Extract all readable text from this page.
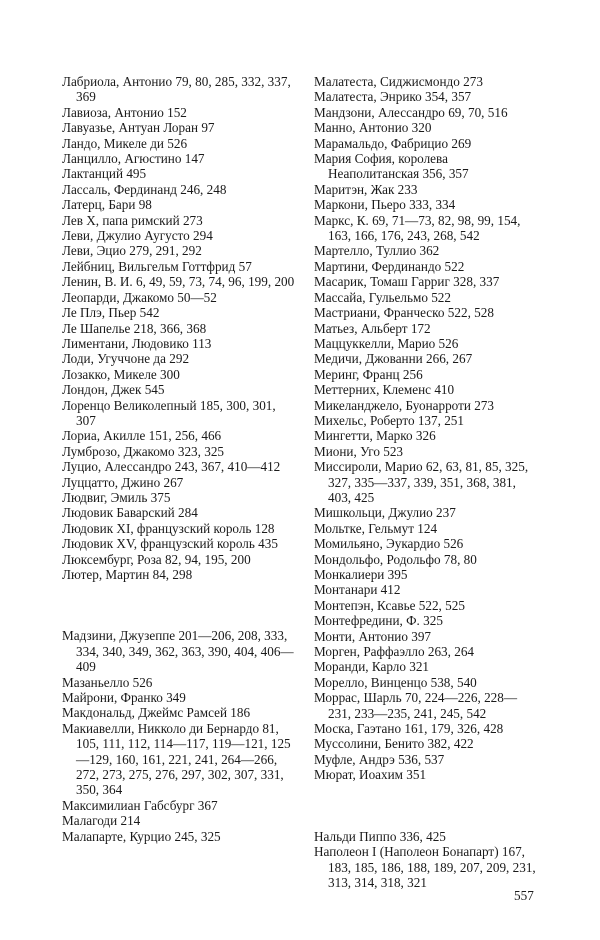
Лабриола, Антонио 79, 80, 285, 332, 337, 369
Лавиоза, Антонио 152
Лавуазье, Антуан Лоран 97
Ландо, Микеле ди 526
Ланцилло, Агюстино 147
Лактанций 495
Лассаль, Фердинанд 246, 248
Латерц, Бари 98
Лев X, папа римский 273
Леви, Джулио Аугусто 294
Леви, Эцио 279, 291, 292
Лейбниц, Вильгельм Готтфрид 57
Ленин, В. И. 6, 49, 59, 73, 74, 96, 199, 200
Леопарди, Джакомо 50—52
Ле Плэ, Пьер 542
Ле Шапелье 218, 366, 368
Лиментани, Людовико 113
Лоди, Угуччоне да 292
Лозакко, Микеле 300
Лондон, Джек 545
Лоренцо Великолепный 185, 300, 301, 307
Лориа, Акилле 151, 256, 466
Лумброзо, Джакомо 323, 325
Луцио, Алессандро 243, 367, 410—412
Луццатто, Джино 267
Людвиг, Эмиль 375
Людовик Баварский 284
Людовик XI, французский король 128
Людовик XV, французский король 435
Люксембург, Роза 82, 94, 195, 200
Лютер, Мартин 84, 298
Мадзини, Джузеппе 201—206, 208, 333, 334, 340, 349, 362, 363, 390, 404, 406—409
Мазаньелло 526
Майрони, Франко 349
Макдональд, Джеймс Рамсей 186
Макиавелли, Никколо ди Бернардо 81, 105, 111, 112, 114—117, 119—121, 125—129, 160, 161, 221, 241, 264—266, 272, 273, 275, 276, 297, 302, 307, 331, 350, 364
Максимилиан Габсбург 367
Малагоди 214
Малапарте, Курцио 245, 325
Малатеста, Сиджисмондо 273
Малатеста, Энрико 354, 357
Мандзони, Алессандро 69, 70, 516
Манно, Антонио 320
Марамальдо, Фабрицио 269
Мария София, королева Неаполитанская 356, 357
Маритэн, Жак 233
Маркони, Пьеро 333, 334
Маркс, К. 69, 71—73, 82, 98, 99, 154, 163, 166, 176, 243, 268, 542
Мартелло, Туллио 362
Мартини, Фердинандо 522
Масарик, Томаш Гарриг 328, 337
Массайа, Гульельмо 522
Мастриани, Франческо 522, 528
Матьез, Альберт 172
Маццуккелли, Марио 526
Медичи, Джованни 266, 267
Меринг, Франц 256
Меттерних, Клеменс 410
Микеланджело, Буонарроти 273
Михельс, Роберто 137, 251
Мингетти, Марко 326
Миони, Уго 523
Миссироли, Марио 62, 63, 81, 85, 325, 327, 335—337, 339, 351, 368, 381, 403, 425
Мишкольци, Джулио 237
Мольтке, Гельмут 124
Момильяно, Эукардио 526
Мондольфо, Родольфо 78, 80
Монкалиери 395
Монтанари 412
Монтепэн, Ксавье 522, 525
Монтефредини, Ф. 325
Монти, Антонио 397
Морген, Раффаэлло 263, 264
Моранди, Карло 321
Морелло, Винценцо 538, 540
Моррас, Шарль 70, 224—226, 228—231, 233—235, 241, 245, 542
Моска, Гаэтано 161, 179, 326, 428
Муссолини, Бенито 382, 422
Муфле, Андрэ 536, 537
Мюрат, Иоахим 351
Нальди Пиппо 336, 425
Наполеон I (Наполеон Бонапарт) 167, 183, 185, 186, 188, 189, 207, 209, 231, 313, 314, 318, 321
557
